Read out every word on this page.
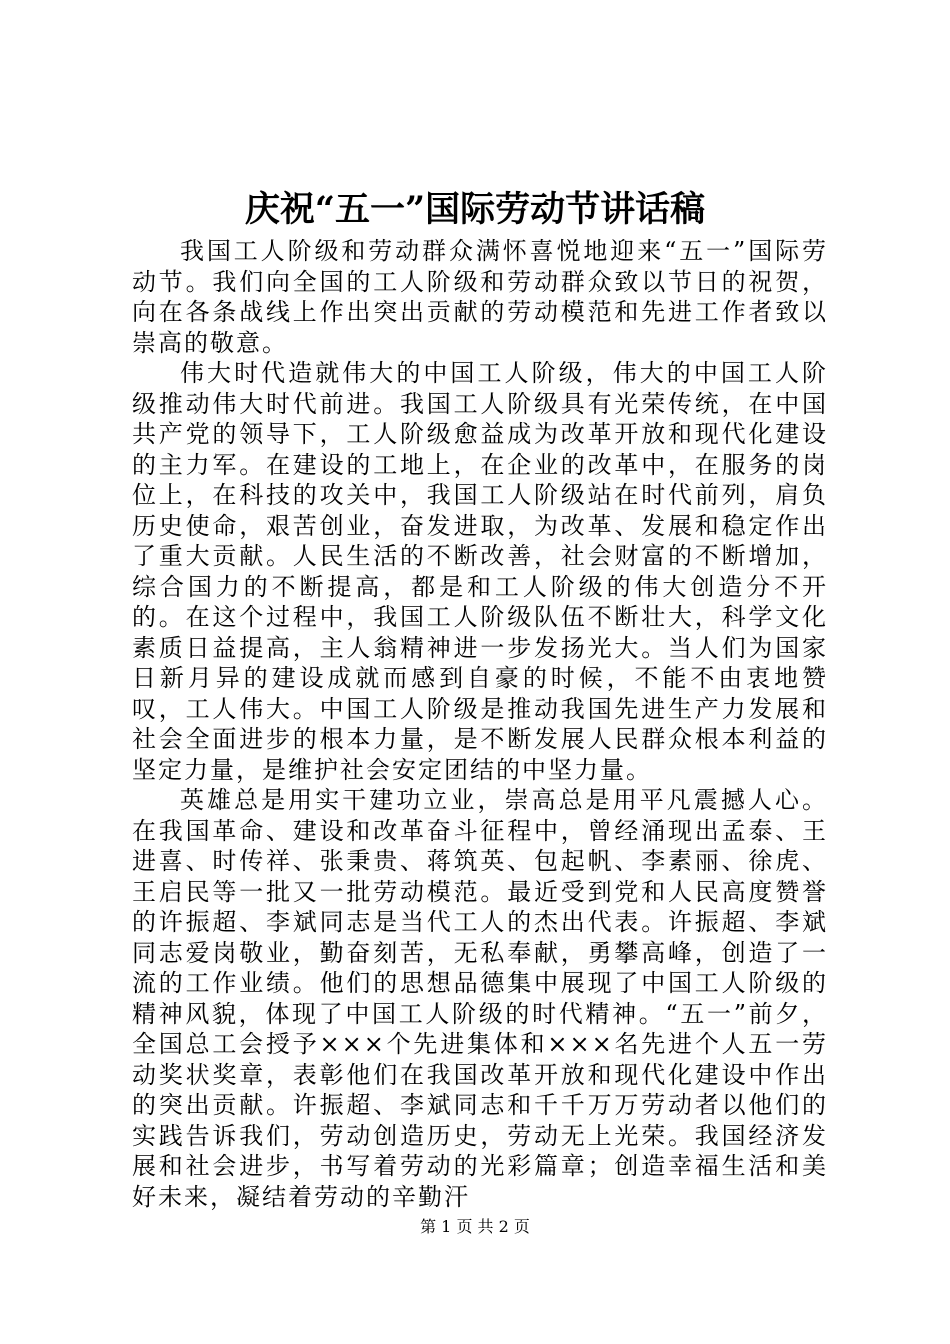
庆祝“五一”国际劳动节讲话稿

我国工人阶级和劳动群众满怀喜悦地迎来“五一”国际劳动节。我们向全国的工人阶级和劳动群众致以节日的祝贺，向在各条战线上作出突出贡献的劳动模范和先进工作者致以崇高的敬意。

伟大时代造就伟大的中国工人阶级，伟大的中国工人阶级推动伟大时代前进。我国工人阶级具有光荣传统，在中国共产党的领导下，工人阶级愈益成为改革开放和现代化建设的主力军。在建设的工地上，在企业的改革中，在服务的岗位上，在科技的攻关中，我国工人阶级站在时代前列，肩负历史使命，艰苦创业，奋发进取，为改革、发展和稳定作出了重大贡献。人民生活的不断改善，社会财富的不断增加，综合国力的不断提高，都是和工人阶级的伟大创造分不开的。在这个过程中，我国工人阶级队伍不断壮大，科学文化素质日益提高，主人翁精神进一步发扬光大。当人们为国家日新月异的建设成就而感到自豪的时候，不能不由衷地赞叹，工人伟大。中国工人阶级是推动我国先进生产力发展和社会全面进步的根本力量，是不断发展人民群众根本利益的坚定力量，是维护社会安定团结的中坚力量。

英雄总是用实干建功立业，崇高总是用平凡震撼人心。在我国革命、建设和改革奋斗征程中，曾经涌现出孟泰、王进喜、时传祥、张秉贵、蒋筑英、包起帆、李素丽、徐虎、王启民等一批又一批劳动模范。最近受到党和人民高度赞誉的许振超、李斌同志是当代工人的杰出代表。许振超、李斌同志爱岗敬业，勤奋刻苦，无私奉献，勇攀高峰，创造了一流的工作业绩。他们的思想品德集中展现了中国工人阶级的精神风貌，体现了中国工人阶级的时代精神。“五一”前夕，全国总工会授予×××个先进集体和×××名先进个人五一劳动奖状奖章，表彰他们在我国改革开放和现代化建设中作出的突出贡献。许振超、李斌同志和千千万万劳动者以他们的实践告诉我们，劳动创造历史，劳动无上光荣。我国经济发展和社会进步，书写着劳动的光彩篇章；创造幸福生活和美好未来，凝结着劳动的辛勤汗

第 1 页 共 2 页
